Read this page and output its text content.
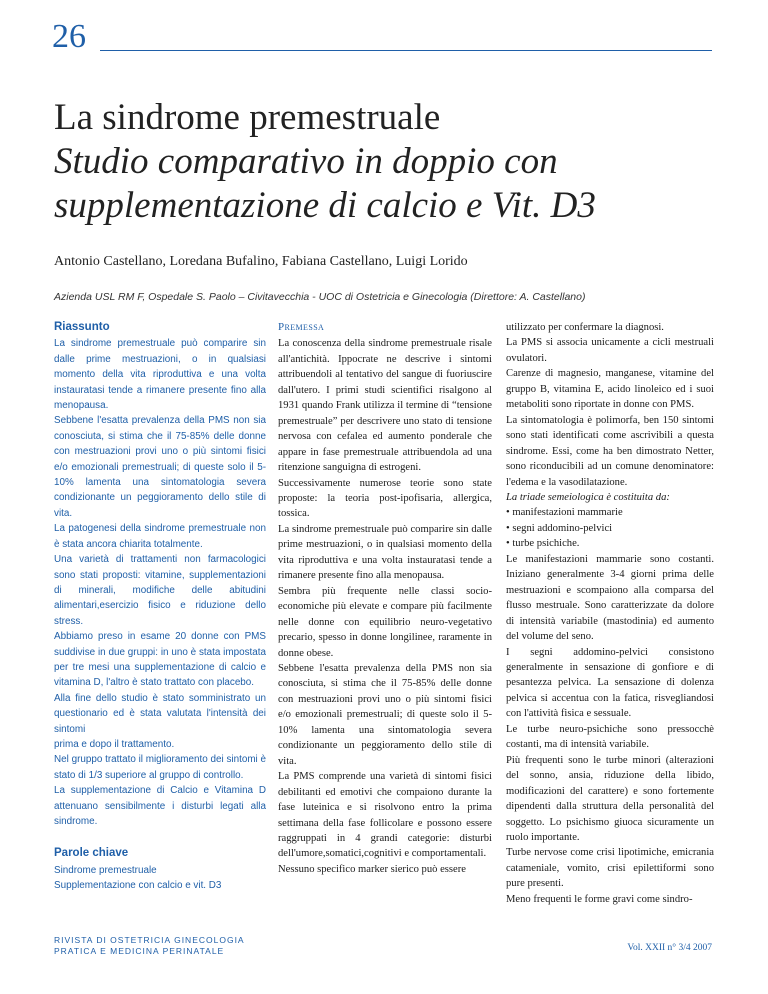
26
La sindrome premestruale

Studio comparativo in doppio con
supplementazione di calcio e Vit. D3
Antonio Castellano, Loredana Bufalino, Fabiana Castellano, Luigi Lorido
Azienda USL RM F, Ospedale S. Paolo – Civitavecchia - UOC di Ostetricia e Ginecologia (Direttore: A. Castellano)
Riassunto

La sindrome premestruale può comparire sin dalle prime mestruazioni, o in qualsiasi momento della vita riproduttiva e una volta instauratasi tende a rimanere presente fino alla menopausa.

Sebbene l'esatta prevalenza della PMS non sia conosciuta, si stima che il 75-85% delle donne con mestruazioni provi uno o più sintomi fisici e/o emozionali premestruali; di queste solo il 5-10% lamenta una sintomatologia severa condizionante un peggioramento dello stile di vita.

La patogenesi della sindrome premestruale non è stata ancora chiarita totalmente.

Una varietà di trattamenti non farmacologici sono stati proposti: vitamine, supplementazioni di minerali, modifiche delle abitudini alimentari,esercizio fisico e riduzione dello stress.

Abbiamo preso in esame 20 donne con PMS suddivise in due gruppi: in uno è stata impostata per tre mesi una supplementazione di calcio e vitamina D, l'altro è stato trattato con placebo.

Alla fine dello studio è stato somministrato un questionario ed è stata valutata l'intensità dei sintomi

prima e dopo il trattamento.

Nel gruppo trattato il miglioramento dei sintomi è stato di 1/3 superiore al gruppo di controllo.

La supplementazione di Calcio e Vitamina D attenuano sensibilmente i disturbi legati alla sindrome.

Parole chiave

Sindrome premestruale

Supplementazione con calcio e vit. D3

Premessa

La conoscenza della sindrome premestruale risale all'antichità. Ippocrate ne descrive i sintomi attribuendoli al tentativo del sangue di fuoriuscire dall'utero. I primi studi scientifici risalgono al 1931 quando Frank utilizza il termine di “tensione premestruale” per descrivere uno stato di tensione nervosa con cefalea ed aumento ponderale che appare in fase premestruale attribuendola ad una ritenzione sanguigna di estrogeni.

Successivamente numerose teorie sono state proposte: la teoria post-ipofisaria, allergica, tossica.

La sindrome premestruale può comparire sin dalle prime mestruazioni, o in qualsiasi momento della vita riproduttiva e una volta instauratasi tende a rimanere presente fino alla menopausa.

Sembra più frequente nelle classi socio-economiche più elevate e compare più facilmente nelle donne con equilibrio neuro-vegetativo precario, spesso in donne longilinee, raramente in donne obese.

Sebbene l'esatta prevalenza della PMS non sia conosciuta, si stima che il 75-85% delle donne con mestruazioni provi uno o più sintomi fisici e/o emozionali premestruali; di queste solo il 5-10% lamenta una sintomatologia severa condizionante un peggioramento dello stile di vita.

La PMS comprende una varietà di sintomi fisici debilitanti ed emotivi che compaiono durante la fase luteinica e si risolvono entro la prima settimana della fase follicolare e possono essere raggruppati in 4 grandi categorie: disturbi dell'umore,somatici,cognitivi e comportamentali.

Nessuno specifico marker sierico può essere

utilizzato per confermare la diagnosi.

La PMS si associa unicamente a cicli mestruali ovulatori.

Carenze di magnesio, manganese, vitamine del gruppo B, vitamina E, acido linoleico ed i suoi metaboliti sono riportate in donne con PMS.

La sintomatologia è polimorfa, ben 150 sintomi sono stati identificati come ascrivibili a questa sindrome. Essi, come ha ben dimostrato Netter, sono riconducibili ad un comune denominatore: l'edema e la vasodilatazione.

La triade semeiologica è costituita da:

• manifestazioni mammarie

• segni addomino-pelvici

• turbe psichiche.

Le manifestazioni mammarie sono costanti. Iniziano generalmente 3-4 giorni prima delle mestruazioni e scompaiono alla comparsa del flusso mestruale. Sono caratterizzate da dolore di intensità variabile (mastodinia) ed aumento del volume del seno.

I segni addomino-pelvici consistono generalmente in sensazione di gonfiore e di pesantezza pelvica. La sensazione di dolenza pelvica si accentua con la fatica, risvegliandosi con l'attività fisica e sessuale.

Le turbe neuro-psichiche sono pressocchè costanti, ma di intensità variabile.

Più frequenti sono le turbe minori (alterazioni del sonno, ansia, riduzione della libido, modificazioni del carattere) e sono fortemente dipendenti dalla struttura della personalità del soggetto. Lo psichismo giuoca sicuramente un ruolo importante.

Turbe nervose come crisi lipotimiche, emicrania catameniale, vomito, crisi epilettiformi sono pure presenti.

Meno frequenti le forme gravi come sindro-

RIVISTA DI OSTETRICIA GINECOLOGIA
PRATICA E MEDICINA PERINATALE	Vol. XXII n° 3/4 2007
